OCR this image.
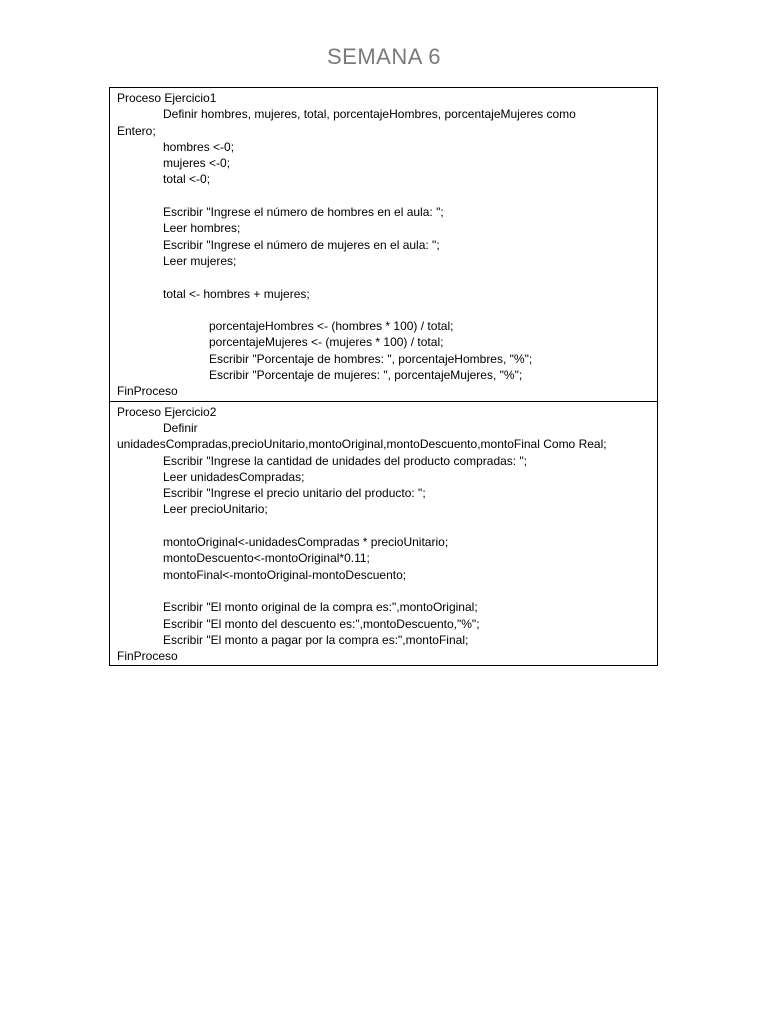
SEMANA 6
Proceso Ejercicio1
Definir hombres, mujeres, total, porcentajeHombres, porcentajeMujeres como
Entero;
hombres <-0;
mujeres <-0;
total <-0;
Escribir "Ingrese el número de hombres en el aula: ";
Leer hombres;
Escribir "Ingrese el número de mujeres en el aula: ";
Leer mujeres;
total <- hombres + mujeres;
porcentajeHombres <- (hombres * 100) / total;
porcentajeMujeres <- (mujeres * 100) / total;
Escribir "Porcentaje de hombres: ", porcentajeHombres, "%";
Escribir "Porcentaje de mujeres: ", porcentajeMujeres, "%";
FinProceso
Proceso Ejercicio2
Definir
unidadesCompradas,precioUnitario,montoOriginal,montoDescuento,montoFinal Como Real;
Escribir "Ingrese la cantidad de unidades del producto compradas: ";
Leer unidadesCompradas;
Escribir "Ingrese el precio unitario del producto: ";
Leer precioUnitario;
montoOriginal<-unidadesCompradas * precioUnitario;
montoDescuento<-montoOriginal*0.11;
montoFinal<-montoOriginal-montoDescuento;
Escribir "El monto original de la compra es:",montoOriginal;
Escribir "El monto del descuento es:",montoDescuento,"%";
Escribir "El monto a pagar por la compra es:",montoFinal;
FinProceso
